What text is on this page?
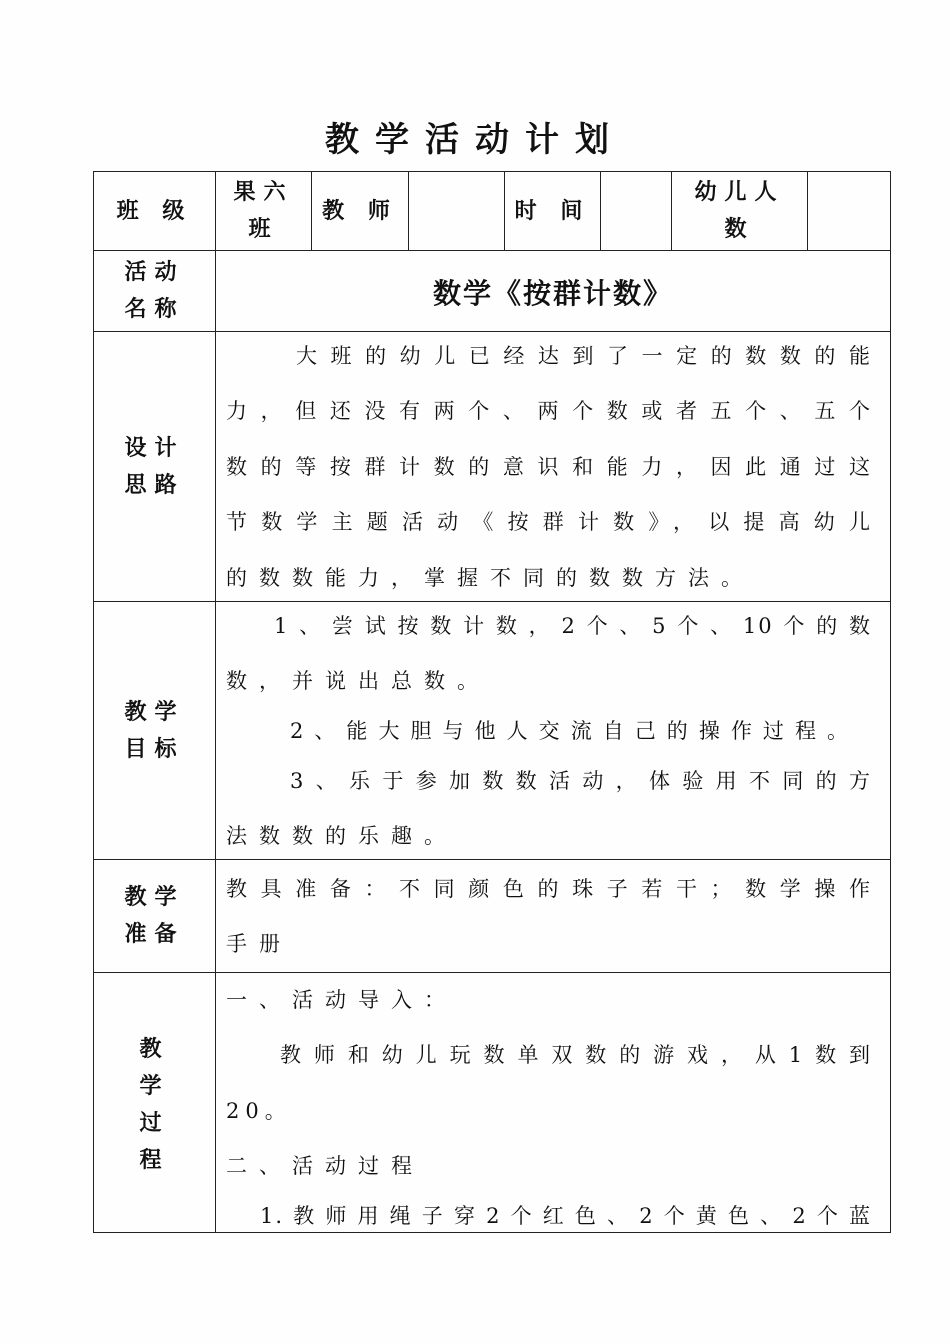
教学活动计划
班 级
果六
班
教 师	时 间
幼儿人
数
活动
名称	数学《按群计数》
设计
思路
大班的幼儿已经达到了一定的数数的能
力，但还没有两个、两个数或者五个、五个
数的等按群计数的意识和能力，因此通过这
节数学主题活动《按群计数》，以提高幼儿
的数数能力，掌握不同的数数方法。
教学
目标
1、尝试按数计数，2个、5个、10个的数
数，并说出总数。
2、能大胆与他人交流自己的操作过程。
3、乐于参加数数活动，体验用不同的方
法数数的乐趣。
教学
准备
教具准备：不同颜色的珠子若干；数学操作
手册
教
学
过
程
一、活动导入：
教师和幼儿玩数单双数的游戏，从1数到
20。
二、活动过程
1.教师用绳子穿2个红色、2个黄色、2个蓝
